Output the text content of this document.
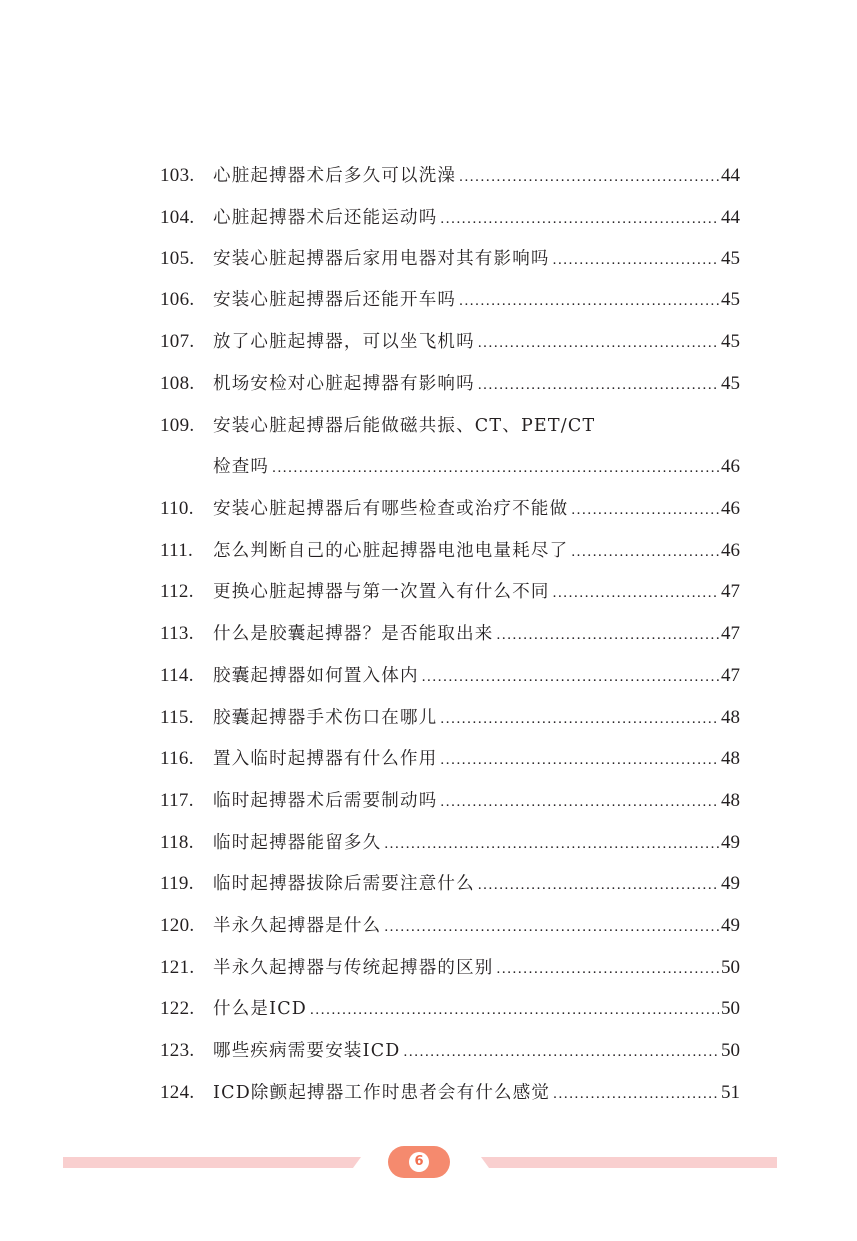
103.	心脏起搏器术后多久可以洗澡 .....	44
104.	心脏起搏器术后还能运动吗 .....	44
105.	安装心脏起搏器后家用电器对其有影响吗 .....	45
106.	安装心脏起搏器后还能开车吗 .....	45
107.	放了心脏起搏器，可以坐飞机吗 .....	45
108.	机场安检对心脏起搏器有影响吗 .....	45
109.	安装心脏起搏器后能做磁共振、CT、PET/CT
检查吗 .....	46
110.	安装心脏起搏器后有哪些检查或治疗不能做 .....	46
111.	怎么判断自己的心脏起搏器电池电量耗尽了 .....	46
112.	更换心脏起搏器与第一次置入有什么不同 .....	47
113.	什么是胶囊起搏器？是否能取出来 .....	47
114.	胶囊起搏器如何置入体内 .....	47
115.	胶囊起搏器手术伤口在哪儿 .....	48
116.	置入临时起搏器有什么作用 .....	48
117.	临时起搏器术后需要制动吗 .....	48
118.	临时起搏器能留多久 .....	49
119.	临时起搏器拔除后需要注意什么 .....	49
120.	半永久起搏器是什么 .....	49
121.	半永久起搏器与传统起搏器的区别 .....	50
122.	什么是ICD .....	50
123.	哪些疾病需要安装ICD .....	50
124.	ICD除颤起搏器工作时患者会有什么感觉 .....	51
6
